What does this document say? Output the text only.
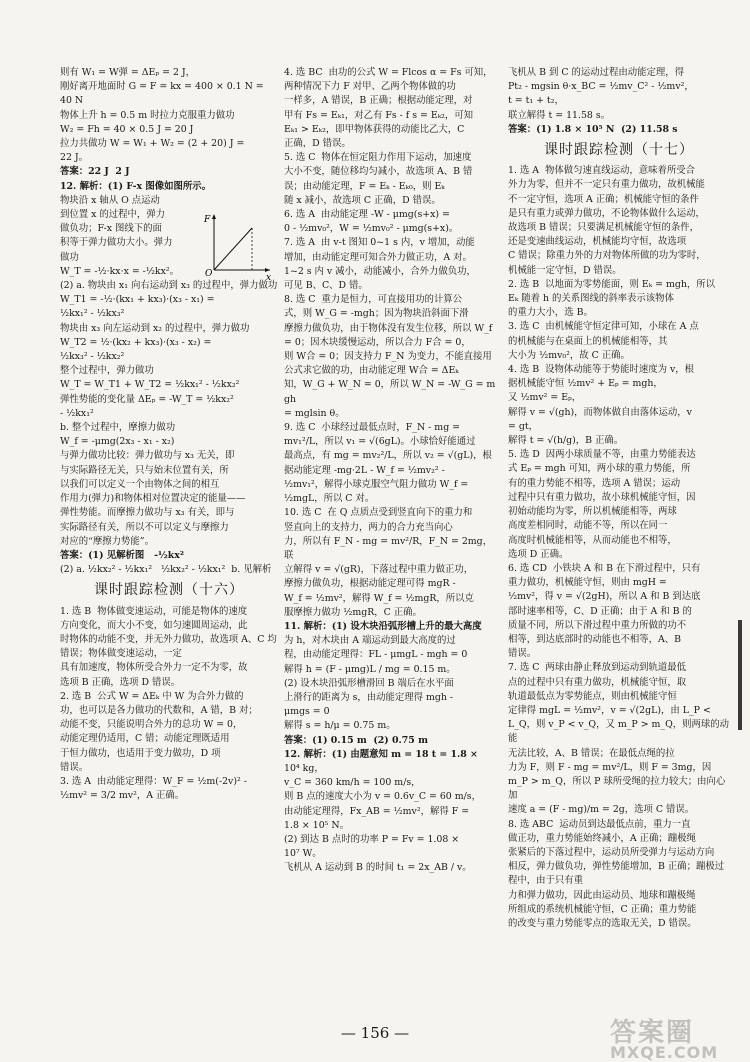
则有 W₁ = W弹 = ΔEₚ = 2 J，

刚好离开地面时 G = F = kx = 400 × 0.1 N =

40 N

物体上升 h = 0.5 m 时拉力克服重力做功

W₂ = Fh = 40 × 0.5 J = 20 J

拉力共做功 W = W₁ + W₂ = (2 + 20) J =

22 J。

答案：22 J  2 J

12. 解析：(1) F-x 图像如图所示。

物块沿 x 轴从 O 点运动

到位置 x 的过程中，弹力

做负功；F-x 图线下的面

积等于弹力做功大小。弹力

做功

W_T = -½·kx·x = -½kx²。

(2) a. 物块由 x₁ 向右运动到 x₃ 的过程中，弹力做功

W_T1 = -½·(kx₁ + kx₃)·(x₃ - x₁) =

½kx₁² - ½kx₃²

物块由 x₃ 向左运动到 x₂ 的过程中，弹力做功

W_T2 = ½·(kx₂ + kx₃)·(x₃ - x₂) =

½kx₃² - ½kx₂²

整个过程中，弹力做功

W_T = W_T1 + W_T2 = ½kx₁² - ½kx₂²

弹性势能的变化量 ΔEₚ = -W_T = ½kx₂²

- ½kx₁²

b. 整个过程中，摩擦力做功

W_f = -μmg(2x₃ - x₁ - x₂)

与弹力做功比较：弹力做功与 x₃ 无关，即

与实际路径无关，只与始末位置有关，所

以我们可以定义一个由物体之间的相互

作用力(弹力)和物体相对位置决定的能量——

弹性势能。而摩擦力做功与 x₃ 有关，即与

实际路径有关，所以不可以定义与摩擦力

对应的“摩擦力势能”。

答案：(1) 见解析图   -½kx²

(2) a. ½kx₂² - ½kx₁²   ½kx₂² - ½kx₁²  b. 见解析

课时跟踪检测（十六）

1. 选 B  物体做变速运动，可能是物体的速度

方向变化，而大小不变，如匀速圆周运动，此

时物体的动能不变，并无外力做功，故选项 A、C 均错误；物体做变速运动，一定

具有加速度，物体所受合外力一定不为零，故

选项 B 正确，选项 D 错误。

2. 选 B  公式 W = ΔEₖ 中 W 为合外力做的

功，也可以是各力做功的代数和，A 错，B 对；

动能不变，只能说明合外力的总功 W = 0，

动能定理仍适用，C 错；动能定理既适用

于恒力做功，也适用于变力做功，D 项

错误。

3. 选 A  由动能定理得：W_F = ½m(-2v)² -

½mv² = 3/2 mv²，A 正确。

4. 选 BC  由功的公式 W = Flcos α = Fs 可知，

两种情况下力 F 对甲、乙两个物体做的功

一样多，A 错误，B 正确；根据动能定理，对

甲有 Fs = Eₖ₁，对乙有 Fs - f s = Eₖ₂，可知

Eₖ₁ > Eₖ₂，即甲物体获得的动能比乙大，C

正确，D 错误。

5. 选 C  物体在恒定阻力作用下运动，加速度

大小不变，随位移均匀减小，故选项 A、B 错

误；由动能定理，F = Eₖ - Eₖ₀，则 Eₖ

随 x 减小，故选项 C 正确，D 错误。

6. 选 A  由动能定理 -W - μmg(s+x) =

0 - ½mv₀²，W = ½mv₀² - μmg(s+x)。

7. 选 A  由 v-t 图知 0~1 s 内，v 增加，动能

增加，由动能定理可知合外力做正功，A 对。

1~2 s 内 v 减小，动能减小，合外力做负功，

可见 B、C、D 错。

8. 选 C  重力是恒力，可直接用功的计算公

式，则 W_G = -mgh；因为物块沿斜面下滑

摩擦力做负功，由于物体没有发生位移，所以 W_f

= 0；因木块缓慢运动，所以合力 F合 = 0，

则 W合 = 0；因支持力 F_N 为变力，不能直接用

公式求它做的功，由动能定理 W合 = ΔEₖ

知，W_G + W_N = 0，所以 W_N = -W_G = mgh

= mglsin θ。

9. 选 C  小球经过最低点时，F_N - mg =

mv₁²/L，所以 v₁ = √(6gL)。小球恰好能通过

最高点，有 mg = mv₂²/L，所以 v₂ = √(gL)，根

据动能定理 -mg·2L - W_f = ½mv₂² -

½mv₁²，解得小球克服空气阻力做功 W_f =

½mgL，所以 C 对。

10. 选 C  在 Q 点质点受到竖直向下的重力和

竖直向上的支持力，两力的合力充当向心

力，所以有 F_N - mg = mv²/R，F_N = 2mg，联

立解得 v = √(gR)，下落过程中重力做正功，

摩擦力做负功，根据动能定理可得 mgR -

W_f = ½mv²，解得 W_f = ½mgR，所以克

服摩擦力做功 ½mgR，C 正确。

11. 解析：(1) 设木块沿弧形槽上升的最大高度

为 h，对木块由 A 端运动到最大高度的过

程，由动能定理得：FL - μmgL - mgh = 0

解得 h = (F - μmg)L / mg = 0.15 m。

(2) 设木块沿弧形槽滑回 B 端后在水平面

上滑行的距离为 s，由动能定理得 mgh -

μmgs = 0

解得 s = h/μ = 0.75 m。

答案：(1) 0.15 m  (2) 0.75 m

12. 解析：(1) 由题意知 m = 18 t = 1.8 ×

10⁴ kg，

v_C = 360 km/h = 100 m/s，

则 B 点的速度大小为 v = 0.6v_C = 60 m/s，

由动能定理得，Fx_AB = ½mv²，解得 F =

1.8 × 10⁵ N。

(2) 到达 B 点时的功率 P = Fv = 1.08 ×

10⁷ W。

飞机从 A 运动到 B 的时间 t₁ = 2x_AB / v。

飞机从 B 到 C 的运动过程由动能定理，得

Pt₂ - mgsin θ·x_BC = ½mv_C² - ½mv²，

t = t₁ + t₂，

联立解得 t = 11.58 s。

答案：(1) 1.8 × 10⁵ N  (2) 11.58 s

课时跟踪检测（十七）

1. 选 A  物体做匀速直线运动，意味着所受合

外力为零，但并不一定只有重力做功，故机械能

不一定守恒，选项 A 正确；机械能守恒的条件

是只有重力或弹力做功，不论物体做什么运动，

故选项 B 错误；只要满足机械能守恒的条件，

还是变速曲线运动，机械能均守恒，故选项

C 错误；除重力外的力对物体所做的功为零时，

机械能一定守恒，D 错误。

2. 选 B  以地面为零势能面，则 Eₖ = mgh，所以

Eₖ 随着 h 的关系图线的斜率表示该物体

的重力大小，选 B。

3. 选 C  由机械能守恒定律可知，小球在 A 点

的机械能与在桌面上的机械能相等，其

大小为 ½mv₀²，故 C 正确。

4. 选 B  设物体动能等于势能时速度为 v，根

据机械能守恒 ½mv² + Eₚ = mgh，

又 ½mv² = Eₚ，

解得 v = √(gh)，而物体做自由落体运动，v

= gt，

解得 t = √(h/g)，B 正确。

5. 选 D  因两小球质量不等，由重力势能表达

式 Eₚ = mgh 可知，两小球的重力势能，所

有的重力势能不相等，选项 A 错误；运动

过程中只有重力做功，故小球机械能守恒，因

初始动能均为零，所以机械能相等，两球

高度差相同时，动能不等，所以在同一

高度时机械能相等，从而动能也不相等，

选项 D 正确。

6. 选 CD  小铁块 A 和 B 在下滑过程中，只有

重力做功，机械能守恒，则由 mgH =

½mv²，得 v = √(2gH)，所以 A 和 B 到达底

部时速率相等，C、D 正确；由于 A 和 B 的

质量不同，所以下滑过程中重力所做的功不

相等，到达底部时的动能也不相等，A、B

错误。

7. 选 C  两球由静止释放到运动到轨道最低

点的过程中只有重力做功，机械能守恒，取

轨道最低点为零势能点，则由机械能守恒

定律得 mgL = ½mv²，v = √(2gL)，由 L_P <

L_Q，则 v_P < v_Q，又 m_P > m_Q，则两球的动能

无法比较，A、B 错误；在最低点绳的拉

力为 F，则 F - mg = mv²/L，则 F = 3mg，因

m_P > m_Q，所以 P 球所受绳的拉力较大；由向心加

速度 a = (F - mg)/m = 2g，选项 C 错误。

8. 选 ABC  运动员到达最低点前，重力一直

做正功，重力势能始终减小，A 正确；蹦极绳

张紧后的下落过程中，运动员所受弹力与运动方向

相反，弹力做负功，弹性势能增加，B 正确；蹦极过程中，由于只有重

力和弹力做功，因此由运动员、地球和蹦极绳

所组成的系统机械能守恒，C 正确；重力势能

的改变与重力势能零点的选取无关，D 错误。

F
x
O
— 156 —	答案圈
MXQE.COM
